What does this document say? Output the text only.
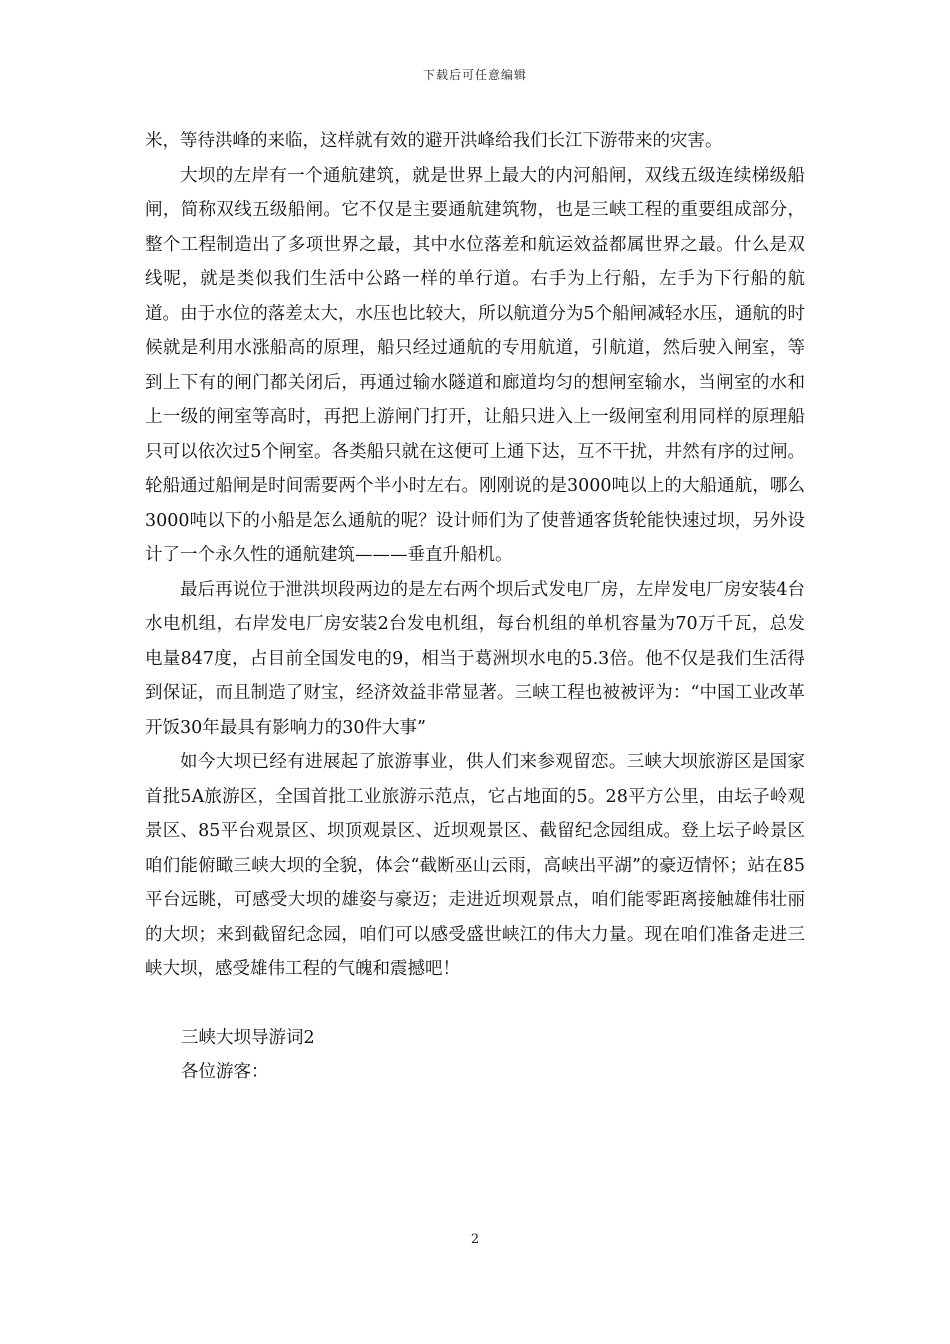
下载后可任意编辑

米，等待洪峰的来临，这样就有效的避开洪峰给我们长江下游带来的灾害。

大坝的左岸有一个通航建筑，就是世界上最大的内河船闸，双线五级连续梯级船闸，简称双线五级船闸。它不仅是主要通航建筑物，也是三峡工程的重要组成部分，整个工程制造出了多项世界之最，其中水位落差和航运效益都属世界之最。什么是双线呢，就是类似我们生活中公路一样的单行道。右手为上行船，左手为下行船的航道。由于水位的落差太大，水压也比较大，所以航道分为5个船闸减轻水压，通航的时候就是利用水涨船高的原理，船只经过通航的专用航道，引航道，然后驶入闸室，等到上下有的闸门都关闭后，再通过输水隧道和廊道均匀的想闸室输水，当闸室的水和上一级的闸室等高时，再把上游闸门打开，让船只进入上一级闸室利用同样的原理船只可以依次过5个闸室。各类船只就在这便可上通下达，互不干扰，井然有序的过闸。轮船通过船闸是时间需要两个半小时左右。刚刚说的是3000吨以上的大船通航，哪么3000吨以下的小船是怎么通航的呢？设计师们为了使普通客货轮能快速过坝，另外设计了一个永久性的通航建筑———垂直升船机。

最后再说位于泄洪坝段两边的是左右两个坝后式发电厂房，左岸发电厂房安装4台水电机组，右岸发电厂房安装2台发电机组，每台机组的单机容量为70万千瓦，总发电量847度，占目前全国发电的9，相当于葛洲坝水电的5.3倍。他不仅是我们生活得到保证，而且制造了财宝，经济效益非常显著。三峡工程也被被评为：“中国工业改革开饭30年最具有影响力的30件大事”

如今大坝已经有进展起了旅游事业，供人们来参观留恋。三峡大坝旅游区是国家首批5A旅游区，全国首批工业旅游示范点，它占地面的5。28平方公里，由坛子岭观景区、85平台观景区、坝顶观景区、近坝观景区、截留纪念园组成。登上坛子岭景区咱们能俯瞰三峡大坝的全貌，体会“截断巫山云雨，高峡出平湖”的豪迈情怀；站在85平台远眺，可感受大坝的雄姿与豪迈；走进近坝观景点，咱们能零距离接触雄伟壮丽的大坝；来到截留纪念园，咱们可以感受盛世峡江的伟大力量。现在咱们准备走进三峡大坝，感受雄伟工程的气魄和震撼吧！

三峡大坝导游词2

各位游客：

2
